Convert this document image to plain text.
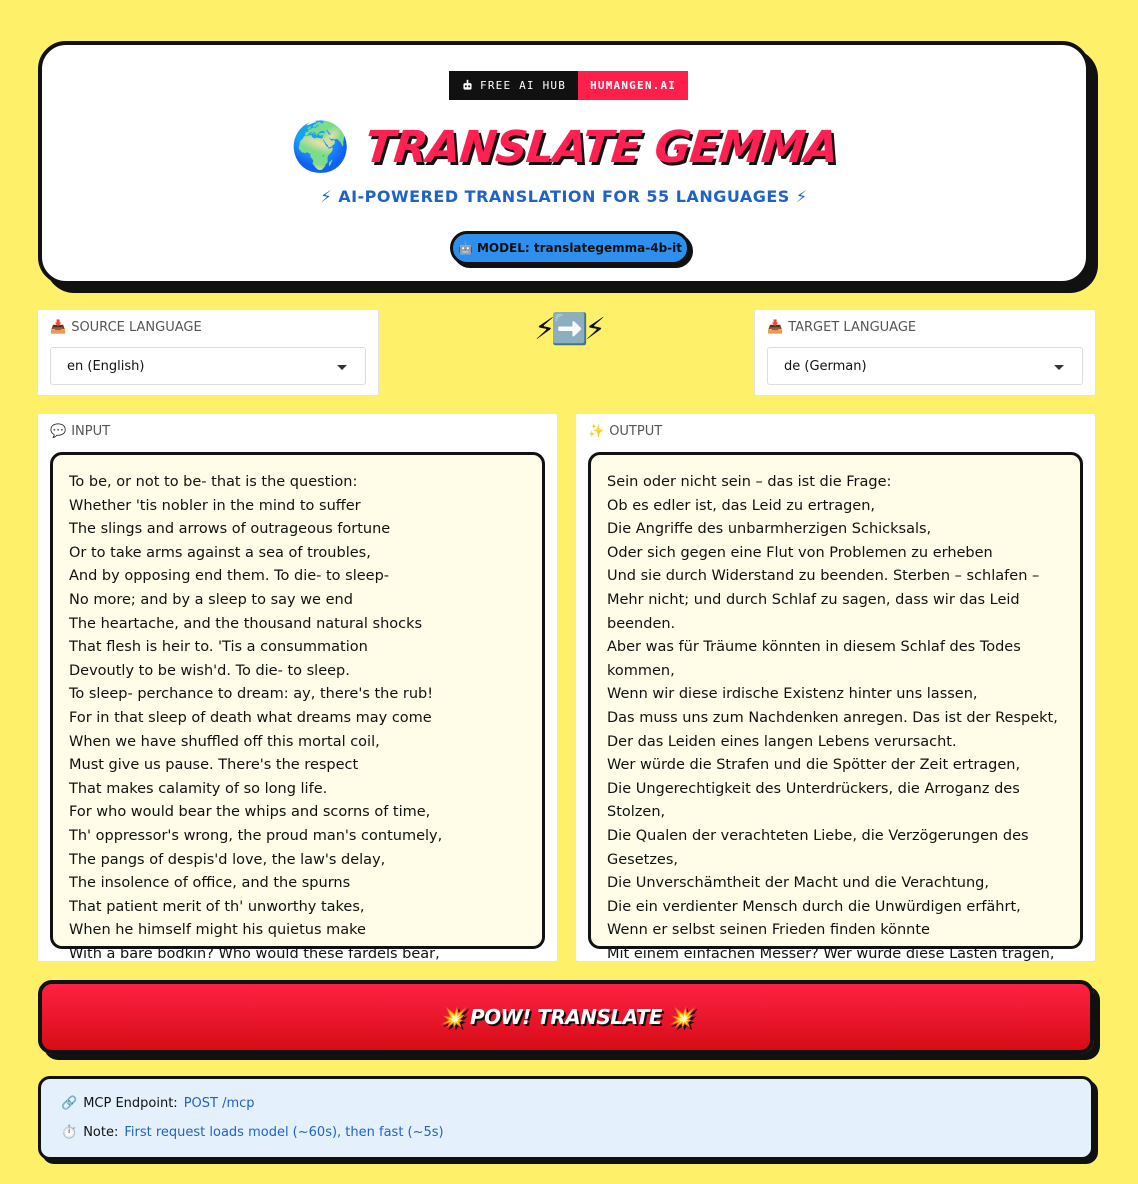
FREE AI HUB	HUMANGEN.AI
🌍 TRANSLATE GEMMA
⚡ AI-POWERED TRANSLATION FOR 55 LANGUAGES ⚡
🤖 MODEL: translategemma-4b-it
📥 SOURCE LANGUAGE
en (English)
⚡➡️⚡	📥 TARGET LANGUAGE
de (German)
💬 INPUT
To be, or not to be- that is the question:
Whether 'tis nobler in the mind to suffer
The slings and arrows of outrageous fortune
Or to take arms against a sea of troubles,
And by opposing end them. To die- to sleep-
No more; and by a sleep to say we end
The heartache, and the thousand natural shocks
That flesh is heir to. 'Tis a consummation
Devoutly to be wish'd. To die- to sleep.
To sleep- perchance to dream: ay, there's the rub!
For in that sleep of death what dreams may come
When we have shuffled off this mortal coil,
Must give us pause. There's the respect
That makes calamity of so long life.
For who would bear the whips and scorns of time,
Th' oppressor's wrong, the proud man's contumely,
The pangs of despis'd love, the law's delay,
The insolence of office, and the spurns
That patient merit of th' unworthy takes,
When he himself might his quietus make
With a bare bodkin? Who would these fardels bear,
✨ OUTPUT
Sein oder nicht sein – das ist die Frage:
Ob es edler ist, das Leid zu ertragen,
Die Angriffe des unbarmherzigen Schicksals,
Oder sich gegen eine Flut von Problemen zu erheben
Und sie durch Widerstand zu beenden. Sterben – schlafen –
Mehr nicht; und durch Schlaf zu sagen, dass wir das Leid
beenden.
Aber was für Träume könnten in diesem Schlaf des Todes
kommen,
Wenn wir diese irdische Existenz hinter uns lassen,
Das muss uns zum Nachdenken anregen. Das ist der Respekt,
Der das Leiden eines langen Lebens verursacht.
Wer würde die Strafen und die Spötter der Zeit ertragen,
Die Ungerechtigkeit des Unterdrückers, die Arroganz des
Stolzen,
Die Qualen der verachteten Liebe, die Verzögerungen des
Gesetzes,
Die Unverschämtheit der Macht und die Verachtung,
Die ein verdienter Mensch durch die Unwürdigen erfährt,
Wenn er selbst seinen Frieden finden könnte
Mit einem einfachen Messer? Wer würde diese Lasten tragen,
💥 POW! TRANSLATE 💥
🔗 MCP Endpoint: POST /mcp
⏱️ Note: First request loads model (~60s), then fast (~5s)
